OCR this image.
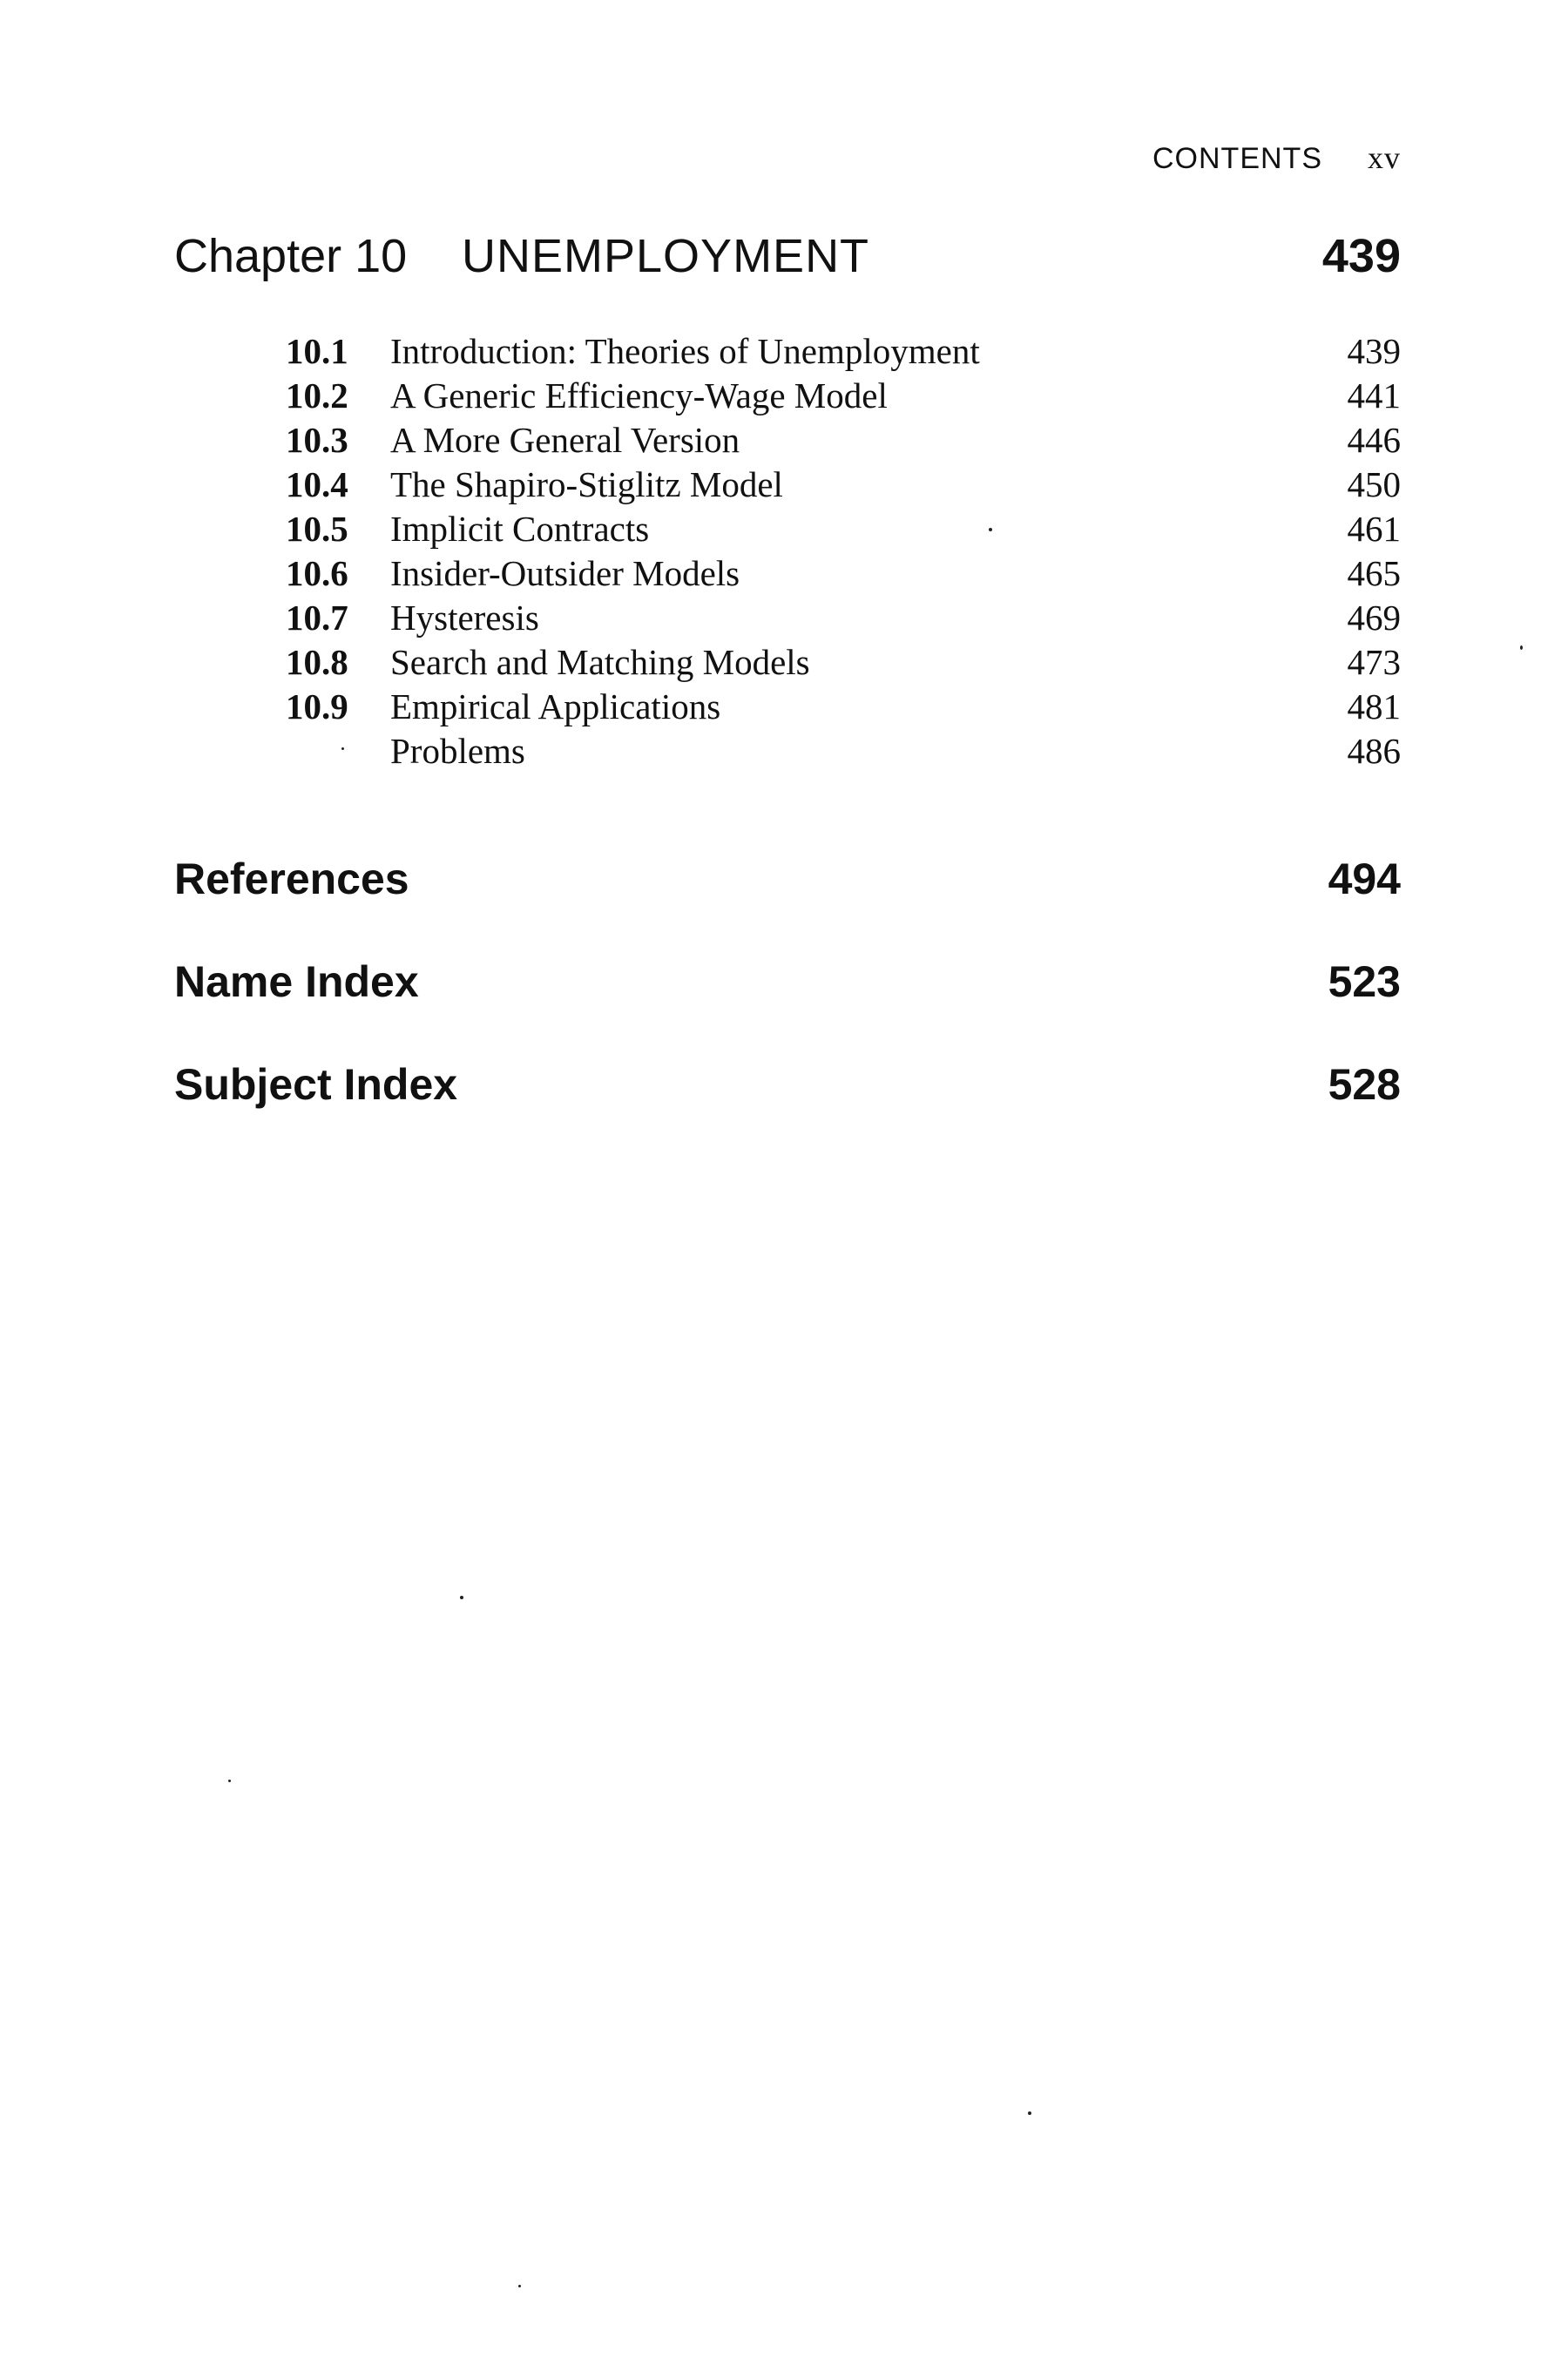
CONTENTS xv
Chapter 10	UNEMPLOYMENT	439
10.1	Introduction: Theories of Unemployment	439
10.2	A Generic Efficiency-Wage Model	441
10.3	A More General Version	446
10.4	The Shapiro-Stiglitz Model	450
10.5	Implicit Contracts	461
10.6	Insider-Outsider Models	465
10.7	Hysteresis	469
10.8	Search and Matching Models	473
10.9	Empirical Applications	481
Problems	486
References	494
Name Index	523
Subject Index	528
